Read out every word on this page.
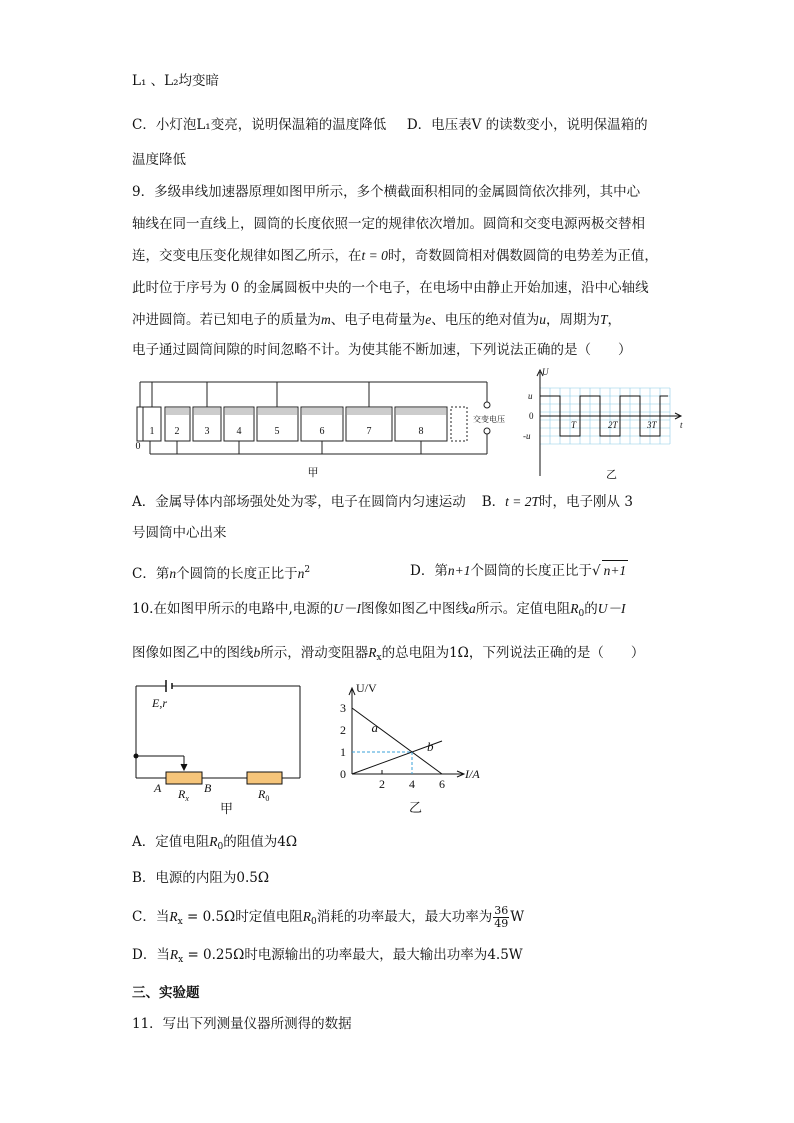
L₁ 、L₂均变暗
C．小灯泡L₁变亮，说明保温箱的温度降低 D．电压表V 的读数变小，说明保温箱的
温度降低
9．多级串线加速器原理如图甲所示，多个横截面积相同的金属圆筒依次排列，其中心
轴线在同一直线上，圆筒的长度依照一定的规律依次增加。圆筒和交变电源两极交替相
连，交变电压变化规律如图乙所示，在t = 0时，奇数圆筒相对偶数圆筒的电势差为正值，
此时位于序号为 0 的金属圆板中央的一个电子，在电场中由静止开始加速，沿中心轴线
冲进圆筒。若已知电子的质量为m、电子电荷量为e、电压的绝对值为u，周期为T，
电子通过圆筒间隙的时间忽略不计。为使其能不断加速，下列说法正确的是（　　）
1 2	3	4	5	6	7	8
0
甲
交变电压
U
t
u
0
-u
T	2T	3T
乙
A．金属导体内部场强处处为零，电子在圆筒内匀速运动 B．t = 2T时，电子刚从 3
号圆筒中心出来
C．第n个圆筒的长度正比于$n^2$	D．第n+1个圆筒的长度正比于√ n+1
10.在如图甲所示的电路中,电源的U－I图像如图乙中图线a所示。定值电阻$R_0$的U－I
图像如图乙中的图线b所示，滑动变阻器$R_x$的总电阻为1Ω，下列说法正确的是（　　）
E,r
A	B
$R_x$	$R_0$
甲
3
2
1
2 4 6
0
U/V
I/A
a
b
乙
A．定值电阻$R_0$的阻值为4Ω
B．电源的内阻为0.5Ω
C．当$R_x = 0.5\Omega$时定值电阻$R_0$消耗的功率最大，最大功率为 $\frac{36}{49}$ W
D．当$R_x = 0.25\Omega$时电源输出的功率最大，最大输出功率为4.5W
三、实验题
11．写出下列测量仪器所测得的数据
